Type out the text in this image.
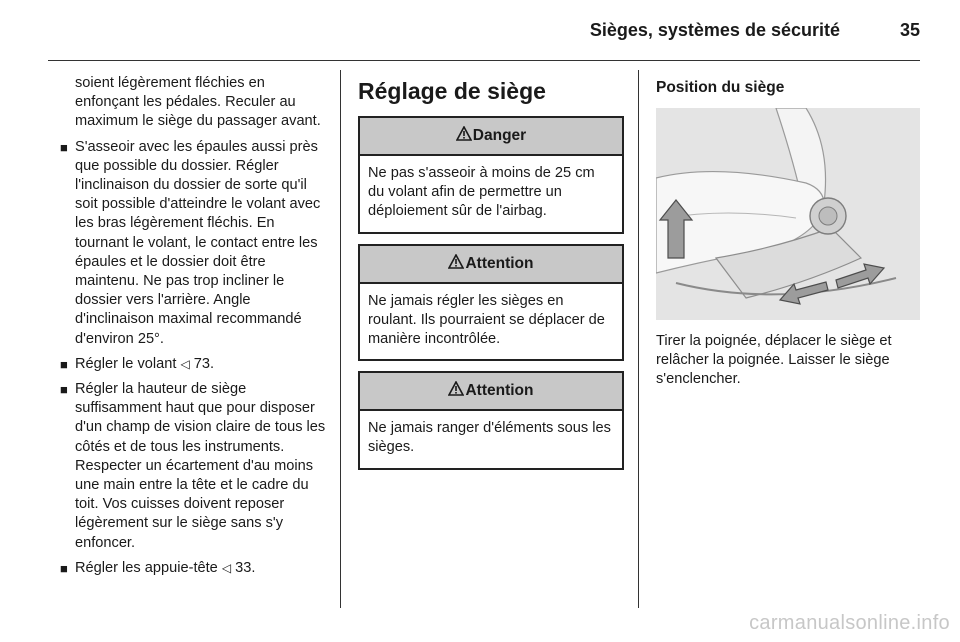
Sièges, systèmes de sécurité	35

soient légèrement fléchies en enfonçant les pédales. Reculer au maximum le siège du passager avant.

■ S'asseoir avec les épaules aussi près que possible du dossier. Régler l'inclinaison du dossier de sorte qu'il soit possible d'atteindre le volant avec les bras légèrement fléchis. En tournant le volant, le contact entre les épaules et le dossier doit être maintenu. Ne pas trop incliner le dossier vers l'arrière. Angle d'inclinaison maximal recommandé d'environ 25°.
■ Régler le volant ◁ 73.
■ Régler la hauteur de siège suffisamment haut que pour disposer d'un champ de vision claire de tous les côtés et de tous les instruments. Respecter un écartement d'au moins une main entre la tête et le cadre du toit. Vos cuisses doivent reposer légèrement sur le siège sans s'y enfoncer.
■ Régler les appuie-tête ◁ 33.
Réglage de siège
Danger
Ne pas s'asseoir à moins de 25 cm du volant afin de permettre un déploiement sûr de l'airbag.
Attention
Ne jamais régler les sièges en roulant. Ils pourraient se déplacer de manière incontrôlée.
Attention
Ne jamais ranger d'éléments sous les sièges.
Position du siège
Tirer la poignée, déplacer le siège et relâcher la poignée. Laisser le siège s'enclencher.
carmanualsonline.info
